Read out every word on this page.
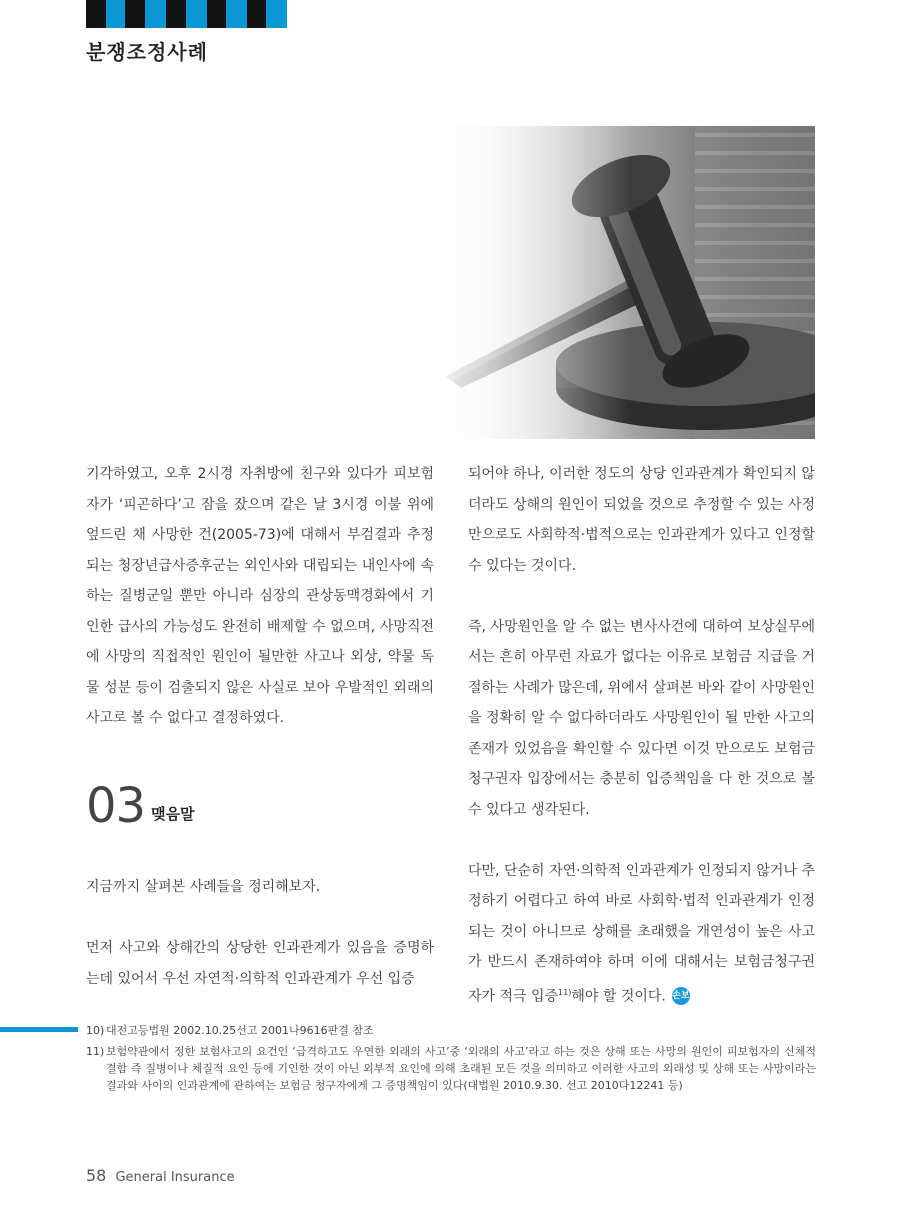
분쟁조정사례

기각하였고, 오후 2시경 자취방에 친구와 있다가 피보험자가 ‘피곤하다’고 잠을 잤으며 같은 날 3시경 이불 위에 엎드린 채 사망한 건(2005-73)에 대해서 부검결과 추정되는 청장년급사증후군는 외인사와 대립되는 내인사에 속하는 질병군일 뿐만 아니라 심장의 관상동맥경화에서 기인한 급사의 가능성도 완전히 배제할 수 없으며, 사망직전에 사망의 직접적인 원인이 될만한 사고나 외상, 약물 독물 성분 등이 검출되지 않은 사실로 보아 우발적인 외래의 사고로 볼 수 없다고 결정하였다.

03 맺음말

지금까지 살펴본 사례들을 정리해보자.

먼저 사고와 상해간의 상당한 인과관계가 있음을 증명하는데 있어서 우선 자연적·의학적 인과관계가 우선 입증

되어야 하나, 이러한 정도의 상당 인과관계가 확인되지 않더라도 상해의 원인이 되었을 것으로 추정할 수 있는 사정만으로도 사회학적·법적으로는 인과관계가 있다고 인정할 수 있다는 것이다.

즉, 사망원인을 알 수 없는 변사사건에 대하여 보상실무에서는 흔히 아무런 자료가 없다는 이유로 보험금 지급을 거절하는 사례가 많은데, 위에서 살펴본 바와 같이 사망원인을 정확히 알 수 없다하더라도 사망원인이 될 만한 사고의 존재가 있었음을 확인할 수 있다면 이것 만으로도 보험금 청구권자 입장에서는 충분히 입증책임을 다 한 것으로 볼 수 있다고 생각된다.

다만, 단순히 자연·의학적 인과관계가 인정되지 않거나 추정하기 어렵다고 하여 바로 사회학·법적 인과관계가 인정되는 것이 아니므로 상해를 초래했을 개연성이 높은 사고가 반드시 존재하여야 하며 이에 대해서는 보험금청구권자가 적극 입증$^{11)}$해야 할 것이다. 손보

10) 대전고등법원 2002.10.25선고 2001나9616판결 참조
11) 보험약관에서 정한 보험사고의 요건인 ‘급격하고도 우연한 외래의 사고’중 ‘외래의 사고’라고 하는 것은 상해 또는 사망의 원인이 피보험자의 신체적 결함 즉 질병이나 체질적 요인 등에 기인한 것이 아닌 외부적 요인에 의해 초래된 모든 것을 의미하고 이러한 사고의 외래성 및 상해 또는 사망이라는 결과와 사이의 인과관계에 관하여는 보험금 청구자에게 그 증명책임이 있다(대법원 2010.9.30. 선고 2010다12241 등)
58 General Insurance
